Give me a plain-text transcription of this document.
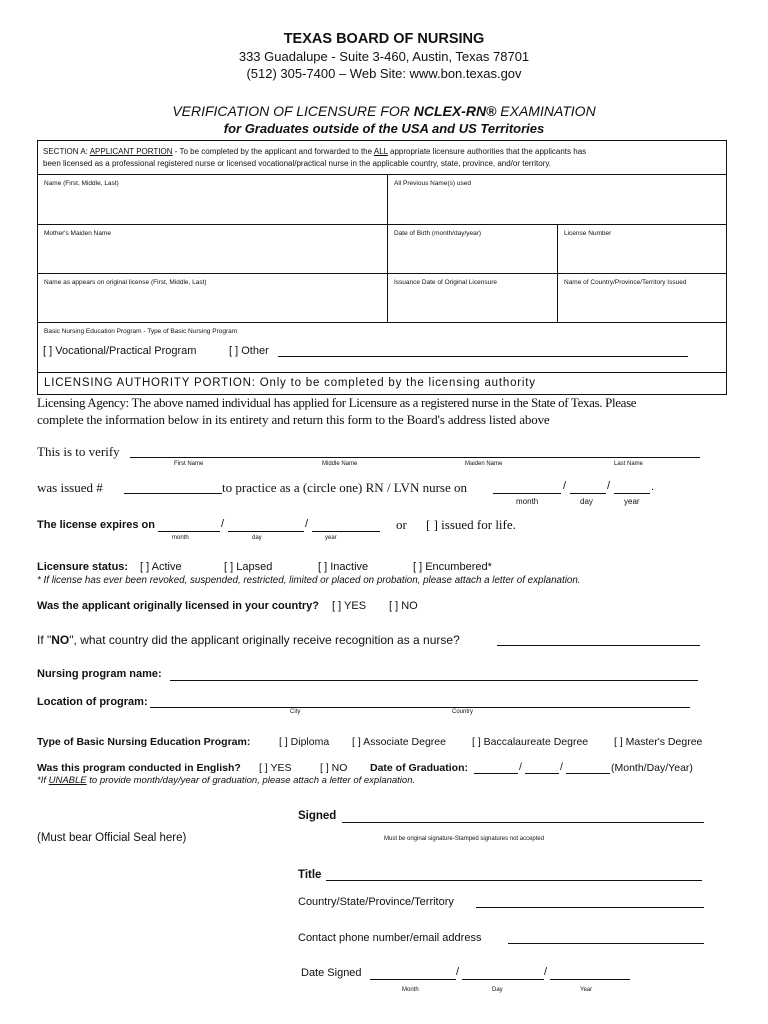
TEXAS BOARD OF NURSING
333 Guadalupe - Suite 3-460, Austin, Texas 78701
(512) 305-7400 – Web Site: www.bon.texas.gov
VERIFICATION OF LICENSURE FOR NCLEX-RN® EXAMINATION
for Graduates outside of the USA and US Territories
SECTION A: APPLICANT PORTION - To be completed by the applicant and forwarded to the ALL appropriate licensure authorities that the applicants has
been licensed as a professional registered nurse or licensed vocational/practical nurse in the applicable country, state, province, and/or territory.
Name (First, Middle, Last)	All Previous Name(s) used
Mother's Maiden Name	Date of Birth (month/day/year)	License Number
Name as appears on original license (First, Middle, Last)	Issuance Date of Original Licensure	Name of Country/Province/Territory Issued
Basic Nursing Education Program - Type of Basic Nursing Program
[ ] Vocational/Practical Program	[ ] Other
LICENSING AUTHORITY PORTION: Only to be completed by the licensing authority
Licensing Agency: The above named individual has applied for Licensure as a registered nurse in the State of Texas. Please
complete the information below in its entirety and return this form to the Board's address listed above
This is to verify
First Name	Middle Name	Maiden Name	Last Name
was issued #	to practice as a (circle one) RN / LVN nurse on	/	/	.
month	day	year
The license expires on	/	/
month	day	year
or [ ] issued for life.
Licensure status: [ ] Active	[ ] Lapsed	[ ] Inactive	[ ] Encumbered*
* If license has ever been revoked, suspended, restricted, limited or placed on probation, please attach a letter of explanation.
Was the applicant originally licensed in your country? [ ] YES [ ] NO
If "NO", what country did the applicant originally receive recognition as a nurse?
Nursing program name:
Location of program:
City	Country
Type of Basic Nursing Education Program:	[ ] Diploma [ ] Associate Degree [ ] Baccalaureate Degree [ ] Master's Degree
Was this program conducted in English? [ ] YES	[ ] NO Date of Graduation:	/	/	(Month/Day/Year)
*If UNABLE to provide month/day/year of graduation, please attach a letter of explanation.
(Must bear Official Seal here)
Signed
Must be original signature-Stamped signatures not accepted
Title
Country/State/Province/Territory
Contact phone number/email address
Date Signed	/	/
Month	Day	Year
